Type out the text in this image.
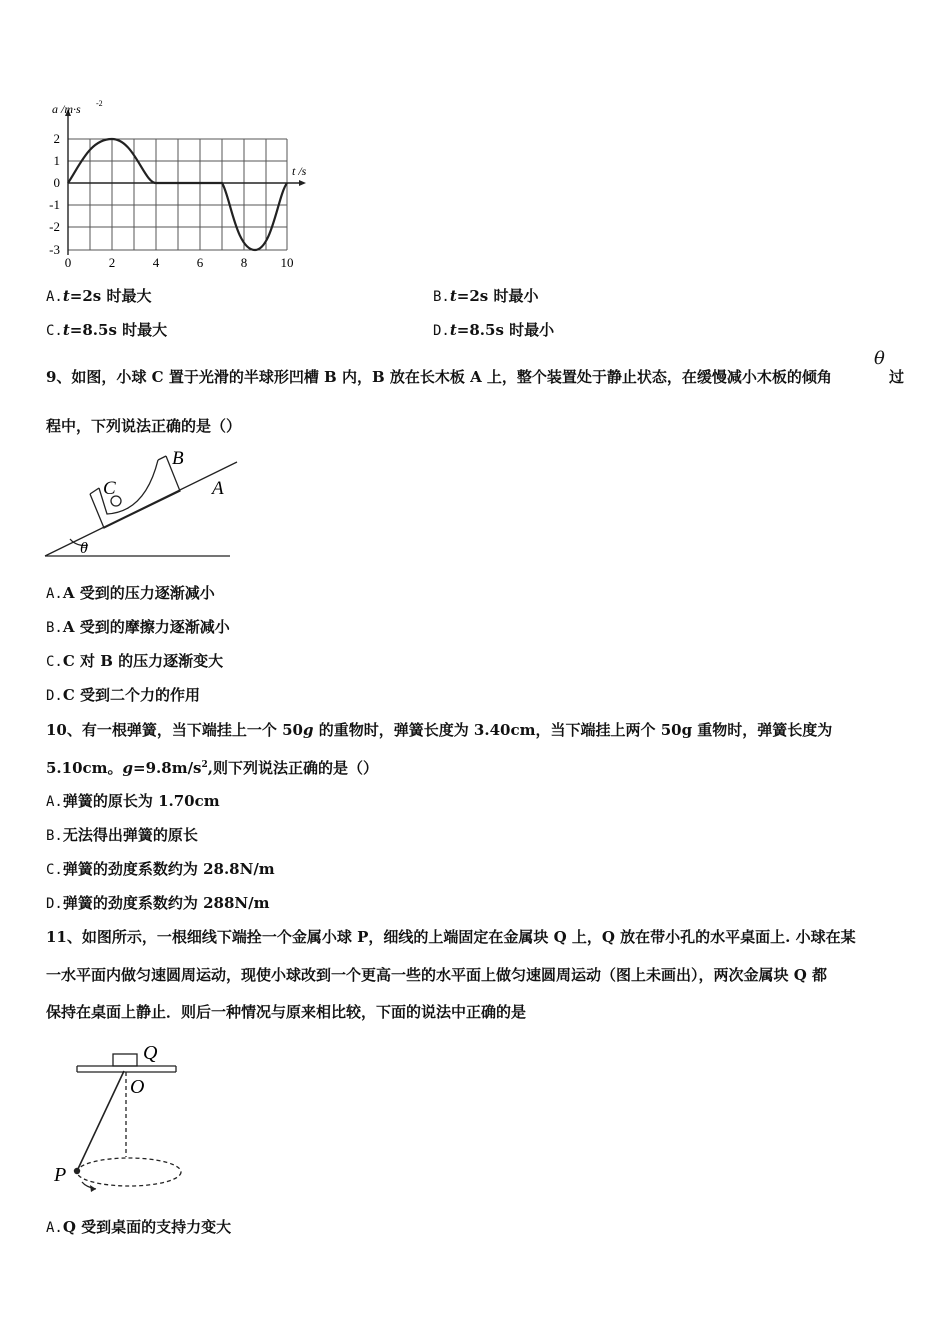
2
1
0
-1
-2
-3
0	2	4	6	8	10
a /m·s -2
t /s
A.t=2s 时最大	B.t=2s 时最小
C.t=8.5s 时最大	D.t=8.5s 时最小
9、如图，小球 C 置于光滑的半球形凹槽 B 内，B 放在长木板 A 上，整个装置处于静止状态，在缓慢减小木板的倾角
θ
过
程中，下列说法正确的是（）
B
C	A
θ
A.A 受到的压力逐渐减小
B.A 受到的摩擦力逐渐减小
C.C 对 B 的压力逐渐变大
D.C 受到二个力的作用
10、有一根弹簧，当下端挂上一个 50g 的重物时，弹簧长度为 3.40cm，当下端挂上两个 50g 重物时，弹簧长度为
5.10cm。$g=9.8m/s^2$,则下列说法正确的是（）
A.弹簧的原长为 1.70cm
B.无法得出弹簧的原长
C.弹簧的劲度系数约为 28.8N/m
D.弹簧的劲度系数约为 288N/m
11、如图所示，一根细线下端拴一个金属小球 P，细线的上端固定在金属块 Q 上，Q 放在带小孔的水平桌面上. 小球在某
一水平面内做匀速圆周运动，现使小球改到一个更高一些的水平面上做匀速圆周运动（图上未画出），两次金属块 Q 都
保持在桌面上静止．则后一种情况与原来相比较，下面的说法中正确的是
Q
O
P
A.Q 受到桌面的支持力变大
